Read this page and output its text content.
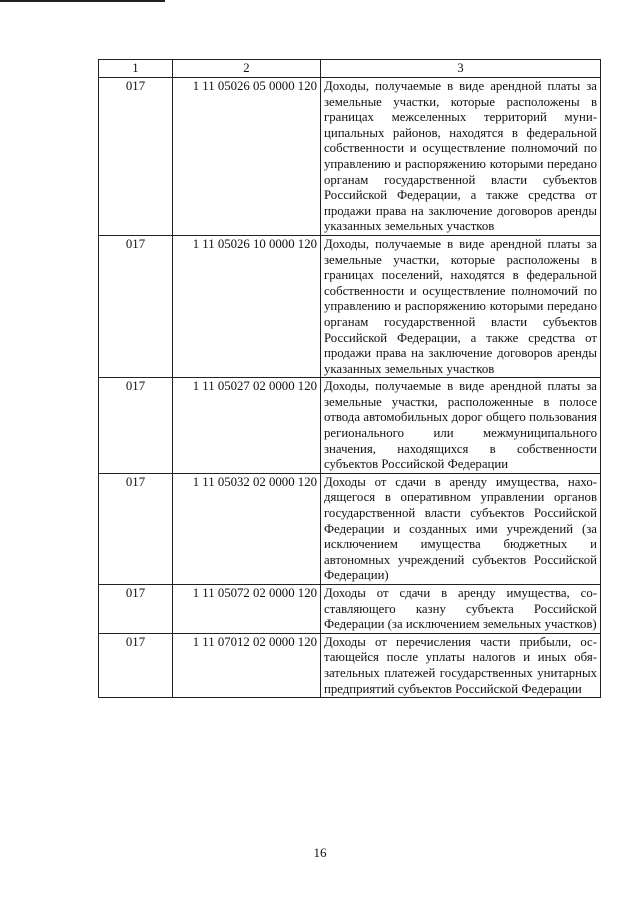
1	2	3
017	1 11 05026 05 0000 120	Доходы, получаемые в виде арендной платы за земельные участки, которые расположены в границах межселенных территорий муниципальных районов, находятся в федеральной собственности и осуществление полномочий по управлению и распоряжению которыми передано органам государственной власти субъектов Российской Федерации, а также средства от продажи права на заключение договоров аренды указанных земельных участков
017	1 11 05026 10 0000 120	Доходы, получаемые в виде арендной платы за земельные участки, которые расположены в границах поселений, находятся в федеральной собственности и осуществление полномочий по управлению и распоряжению которыми передано органам государственной власти субъектов Российской Федерации, а также средства от продажи права на заключение договоров аренды указанных земельных участков
017	1 11 05027 02 0000 120	Доходы, получаемые в виде арендной платы за земельные участки, расположенные в полосе отвода автомобильных дорог общего пользования регионального или межмуниципального значения, находящихся в собственности субъектов Российской Федерации
017	1 11 05032 02 0000 120	Доходы от сдачи в аренду имущества, находящегося в оперативном управлении органов государственной власти субъектов Российской Федерации и созданных ими учреждений (за исключением имущества бюджетных и автономных учреждений субъектов Российской Федерации)
017	1 11 05072 02 0000 120	Доходы от сдачи в аренду имущества, составляющего казну субъекта Российской Федерации (за исключением земельных участков)
017	1 11 07012 02 0000 120	Доходы от перечисления части прибыли, остающейся после уплаты налогов и иных обязательных платежей государственных унитарных предприятий субъектов Российской Федерации
16
